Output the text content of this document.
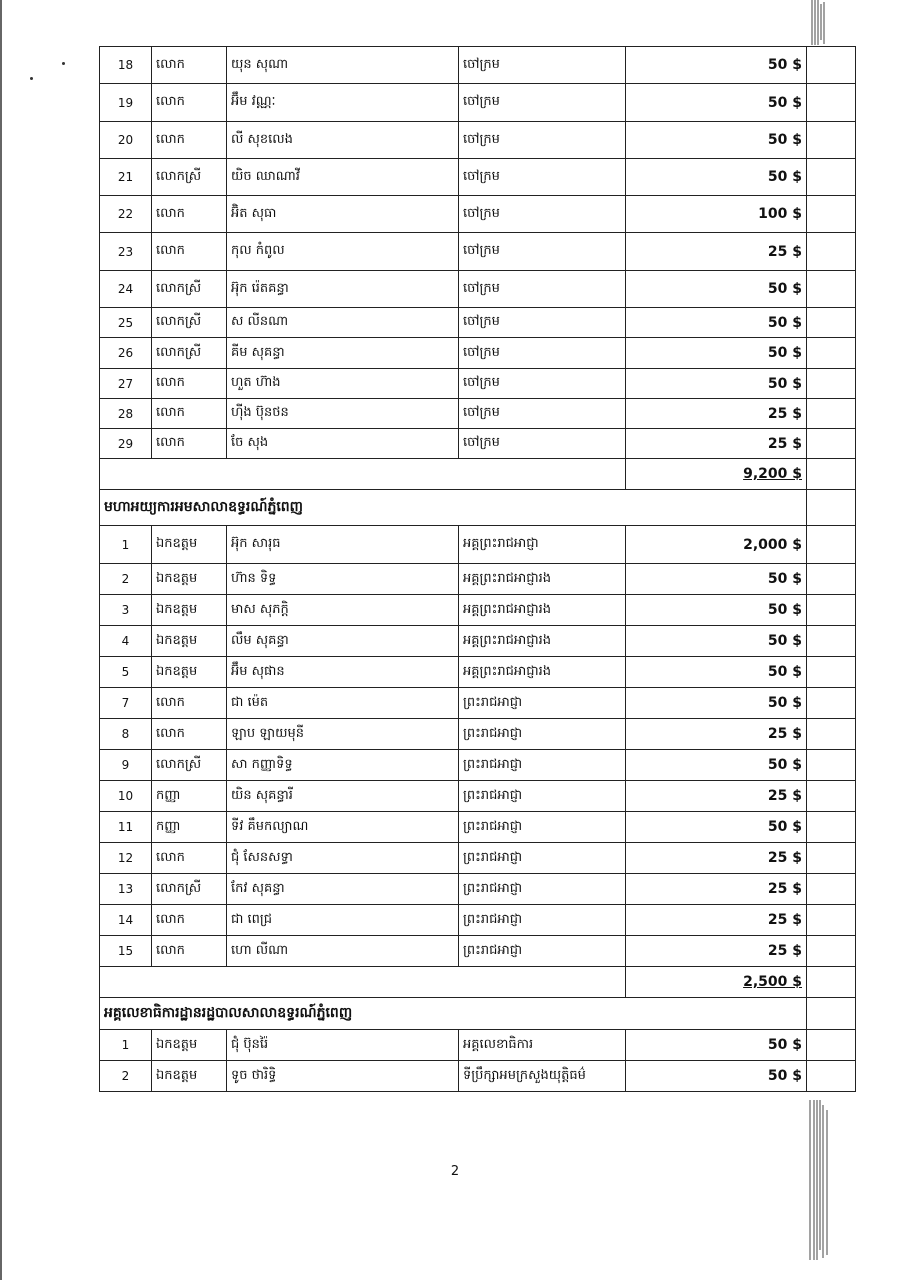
18	លោក	យុន សុណា	ចៅក្រម	50 $	
19	លោក	អ៊ឹម វណ្ណៈ	ចៅក្រម	50 $	
20	លោក	លី សុខលេង	ចៅក្រម	50 $	
21	លោកស្រី	យិច ឈាណាវី	ចៅក្រម	50 $	
22	លោក	អ៊ិត សុធា	ចៅក្រម	100 $	
23	លោក	កុល កំពូល	ចៅក្រម	25 $	
24	លោកស្រី	អ៊ុក រ៉េតគន្ធា	ចៅក្រម	50 $	
25	លោកស្រី	ស លីនណា	ចៅក្រម	50 $	
26	លោកស្រី	គីម សុគន្ធា	ចៅក្រម	50 $	
27	លោក	ហួត ហ៊ាង	ចៅក្រម	50 $	
28	លោក	ហ៊ីង ប៊ុនថន	ចៅក្រម	25 $	
29	លោក	ចែ សុង	ចៅក្រម	25 $	
				9,200 $	
មហាអយ្យការអមសាលាឧទ្ធរណ៍ភ្នំពេញ					
1	ឯកឧត្តម	អ៊ុក សារុធ	អគ្គព្រះរាជអាជ្ញា	2,000 $	
2	ឯកឧត្តម	ហ៊ាន ទិទ្ធ	អគ្គព្រះរាជអាជ្ញារង	50 $	
3	ឯកឧត្តម	មាស សុភក្តិ	អគ្គព្រះរាជអាជ្ញារង	50 $	
4	ឯកឧត្តម	លឹម សុគន្ធា	អគ្គព្រះរាជអាជ្ញារង	50 $	
5	ឯកឧត្តម	អ៊ឹម សុផាន	អគ្គព្រះរាជអាជ្ញារង	50 $	
7	លោក	ជា ម៉េត	ព្រះរាជអាជ្ញា	50 $	
8	លោក	ឡាប ឡាយមុនី	ព្រះរាជអាជ្ញា	25 $	
9	លោកស្រី	សា កញ្ញាទិទ្ធ	ព្រះរាជអាជ្ញា	50 $	
10	កញ្ញា	យិន សុគន្ធារី	ព្រះរាជអាជ្ញា	25 $	
11	កញ្ញា	ទីវ គឹមកល្យាណ	ព្រះរាជអាជ្ញា	50 $	
12	លោក	ជុំ សែនសទ្ធា	ព្រះរាជអាជ្ញា	25 $	
13	លោកស្រី	កែវ សុគន្ធា	ព្រះរាជអាជ្ញា	25 $	
14	លោក	ជា ពេជ្រ	ព្រះរាជអាជ្ញា	25 $	
15	លោក	ហោ លីណា	ព្រះរាជអាជ្ញា	25 $	
				2,500 $	
អគ្គលេខាធិការដ្ឋានរដ្ឋបាលសាលាឧទ្ធរណ៍ភ្នំពេញ					
1	ឯកឧត្តម	ជុំ ប៊ុនរ៉ៃ	អគ្គលេខាធិការ	50 $	
2	ឯកឧត្តម	ទូច ថារិទ្ធិ	ទីប្រឹក្សាអមក្រសួងយុត្តិធម៌	50 $	
2
